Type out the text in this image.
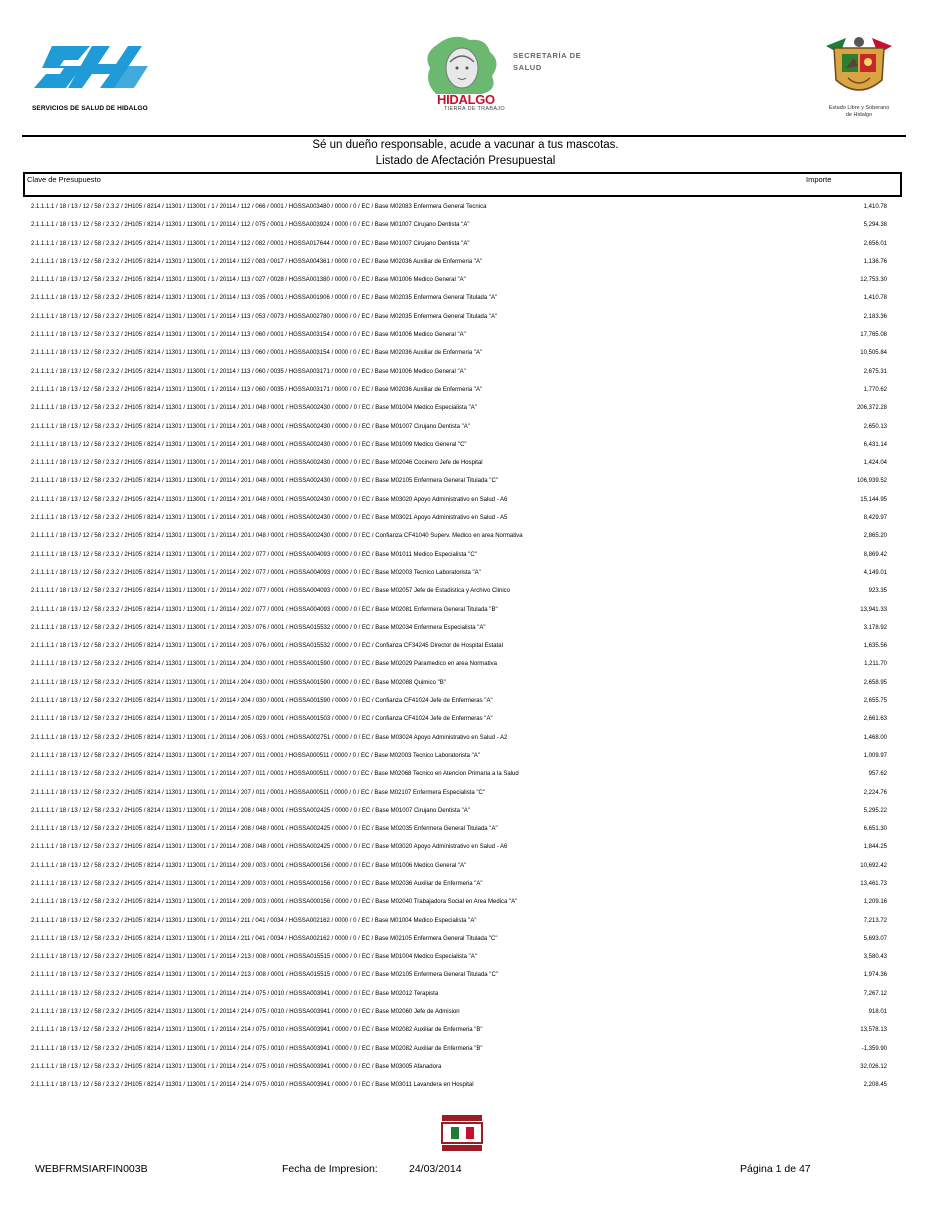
SERVICIOS DE SALUD DE HIDALGO
SECRETARÍA DE
SALUD
HIDALGO
TIERRA DE TRABAJO	Estado Libre y Soberano
de Hidalgo
Sé un dueño responsable, acude a vacunar a tus mascotas.
Listado de Afectación Presupuestal
Clave de Presupuesto	Importe
2.1.1.1.1 / 18 / 13 / 12 / 58 / 2.3.2 / 2H105 / 8214 / 11301 / 113001 / 1 / 20114 / 112 / 066 / 0001 / HGSSA003480 / 0000 / 0 / EC / Base M02083 Enfermera General Tecnica	1,410.78
2.1.1.1.1 / 18 / 13 / 12 / 58 / 2.3.2 / 2H105 / 8214 / 11301 / 113001 / 1 / 20114 / 112 / 075 / 0001 / HGSSA003924 / 0000 / 0 / EC / Base M01007 Cirujano Dentista "A"	5,294.38
2.1.1.1.1 / 18 / 13 / 12 / 58 / 2.3.2 / 2H105 / 8214 / 11301 / 113001 / 1 / 20114 / 112 / 082 / 0001 / HGSSA017644 / 0000 / 0 / EC / Base M01007 Cirujano Dentista "A"	2,656.01
2.1.1.1.1 / 18 / 13 / 12 / 58 / 2.3.2 / 2H105 / 8214 / 11301 / 113001 / 1 / 20114 / 112 / 083 / 0017 / HGSSA004361 / 0000 / 0 / EC / Base M02036 Auxiliar de Enfermeria "A"	1,136.76
2.1.1.1.1 / 18 / 13 / 12 / 58 / 2.3.2 / 2H105 / 8214 / 11301 / 113001 / 1 / 20114 / 113 / 027 / 0028 / HGSSA001380 / 0000 / 0 / EC / Base M01006 Medico General "A"	12,753.30
2.1.1.1.1 / 18 / 13 / 12 / 58 / 2.3.2 / 2H105 / 8214 / 11301 / 113001 / 1 / 20114 / 113 / 035 / 0001 / HGSSA001906 / 0000 / 0 / EC / Base M02035 Enfermera General Titulada "A"	1,410.78
2.1.1.1.1 / 18 / 13 / 12 / 58 / 2.3.2 / 2H105 / 8214 / 11301 / 113001 / 1 / 20114 / 113 / 053 / 0073 / HGSSA002780 / 0000 / 0 / EC / Base M02035 Enfermera General Titulada "A"	2,183.36
2.1.1.1.1 / 18 / 13 / 12 / 58 / 2.3.2 / 2H105 / 8214 / 11301 / 113001 / 1 / 20114 / 113 / 060 / 0001 / HGSSA003154 / 0000 / 0 / EC / Base M01006 Medico General "A"	17,765.08
2.1.1.1.1 / 18 / 13 / 12 / 58 / 2.3.2 / 2H105 / 8214 / 11301 / 113001 / 1 / 20114 / 113 / 060 / 0001 / HGSSA003154 / 0000 / 0 / EC / Base M02036 Auxiliar de Enfermeria "A"	10,505.84
2.1.1.1.1 / 18 / 13 / 12 / 58 / 2.3.2 / 2H105 / 8214 / 11301 / 113001 / 1 / 20114 / 113 / 060 / 0035 / HGSSA003171 / 0000 / 0 / EC / Base M01006 Medico General "A"	2,675.31
2.1.1.1.1 / 18 / 13 / 12 / 58 / 2.3.2 / 2H105 / 8214 / 11301 / 113001 / 1 / 20114 / 113 / 060 / 0035 / HGSSA003171 / 0000 / 0 / EC / Base M02036 Auxiliar de Enfermeria "A"	1,770.62
2.1.1.1.1 / 18 / 13 / 12 / 58 / 2.3.2 / 2H105 / 8214 / 11301 / 113001 / 1 / 20114 / 201 / 048 / 0001 / HGSSA002430 / 0000 / 0 / EC / Base M01004 Medico Especialista "A"	206,372.28
2.1.1.1.1 / 18 / 13 / 12 / 58 / 2.3.2 / 2H105 / 8214 / 11301 / 113001 / 1 / 20114 / 201 / 048 / 0001 / HGSSA002430 / 0000 / 0 / EC / Base M01007 Cirujano Dentista "A"	2,650.13
2.1.1.1.1 / 18 / 13 / 12 / 58 / 2.3.2 / 2H105 / 8214 / 11301 / 113001 / 1 / 20114 / 201 / 048 / 0001 / HGSSA002430 / 0000 / 0 / EC / Base M01009 Medico General "C"	6,431.14
2.1.1.1.1 / 18 / 13 / 12 / 58 / 2.3.2 / 2H105 / 8214 / 11301 / 113001 / 1 / 20114 / 201 / 048 / 0001 / HGSSA002430 / 0000 / 0 / EC / Base M02046 Cocinero Jefe de Hospital	1,424.04
2.1.1.1.1 / 18 / 13 / 12 / 58 / 2.3.2 / 2H105 / 8214 / 11301 / 113001 / 1 / 20114 / 201 / 048 / 0001 / HGSSA002430 / 0000 / 0 / EC / Base M02105 Enfermera General Titulada "C"	106,939.52
2.1.1.1.1 / 18 / 13 / 12 / 58 / 2.3.2 / 2H105 / 8214 / 11301 / 113001 / 1 / 20114 / 201 / 048 / 0001 / HGSSA002430 / 0000 / 0 / EC / Base M03020 Apoyo Administrativo en Salud - A6	15,144.95
2.1.1.1.1 / 18 / 13 / 12 / 58 / 2.3.2 / 2H105 / 8214 / 11301 / 113001 / 1 / 20114 / 201 / 048 / 0001 / HGSSA002430 / 0000 / 0 / EC / Base M03021 Apoyo Administrativo en Salud - A5	8,429.97
2.1.1.1.1 / 18 / 13 / 12 / 58 / 2.3.2 / 2H105 / 8214 / 11301 / 113001 / 1 / 20114 / 201 / 048 / 0001 / HGSSA002430 / 0000 / 0 / EC / Confianza CF41040 Superv. Medico en area Normativa	2,865.20
2.1.1.1.1 / 18 / 13 / 12 / 58 / 2.3.2 / 2H105 / 8214 / 11301 / 113001 / 1 / 20114 / 202 / 077 / 0001 / HGSSA004093 / 0000 / 0 / EC / Base M01011 Medico Especialista "C"	8,869.42
2.1.1.1.1 / 18 / 13 / 12 / 58 / 2.3.2 / 2H105 / 8214 / 11301 / 113001 / 1 / 20114 / 202 / 077 / 0001 / HGSSA004093 / 0000 / 0 / EC / Base M02003 Tecnico Laboratorista "A"	4,149.01
2.1.1.1.1 / 18 / 13 / 12 / 58 / 2.3.2 / 2H105 / 8214 / 11301 / 113001 / 1 / 20114 / 202 / 077 / 0001 / HGSSA004093 / 0000 / 0 / EC / Base M02057 Jefe de Estadistica y Archivo Clinico	923.35
2.1.1.1.1 / 18 / 13 / 12 / 58 / 2.3.2 / 2H105 / 8214 / 11301 / 113001 / 1 / 20114 / 202 / 077 / 0001 / HGSSA004093 / 0000 / 0 / EC / Base M02081 Enfermera General Titulada "B"	13,941.33
2.1.1.1.1 / 18 / 13 / 12 / 58 / 2.3.2 / 2H105 / 8214 / 11301 / 113001 / 1 / 20114 / 203 / 076 / 0001 / HGSSA015532 / 0000 / 0 / EC / Base M02034 Enfermera Especialista "A"	3,178.92
2.1.1.1.1 / 18 / 13 / 12 / 58 / 2.3.2 / 2H105 / 8214 / 11301 / 113001 / 1 / 20114 / 203 / 076 / 0001 / HGSSA015532 / 0000 / 0 / EC / Confianza CF34245 Director de Hospital Estatal	1,635.56
2.1.1.1.1 / 18 / 13 / 12 / 58 / 2.3.2 / 2H105 / 8214 / 11301 / 113001 / 1 / 20114 / 204 / 030 / 0001 / HGSSA001590 / 0000 / 0 / EC / Base M02029 Paramedico en area Normativa	1,211.70
2.1.1.1.1 / 18 / 13 / 12 / 58 / 2.3.2 / 2H105 / 8214 / 11301 / 113001 / 1 / 20114 / 204 / 030 / 0001 / HGSSA001590 / 0000 / 0 / EC / Base M02088 Quimico "B"	2,658.95
2.1.1.1.1 / 18 / 13 / 12 / 58 / 2.3.2 / 2H105 / 8214 / 11301 / 113001 / 1 / 20114 / 204 / 030 / 0001 / HGSSA001590 / 0000 / 0 / EC / Confianza CF41024 Jefe de Enfermeras "A"	2,655.75
2.1.1.1.1 / 18 / 13 / 12 / 58 / 2.3.2 / 2H105 / 8214 / 11301 / 113001 / 1 / 20114 / 205 / 029 / 0001 / HGSSA001503 / 0000 / 0 / EC / Confianza CF41024 Jefe de Enfermeras "A"	2,661.63
2.1.1.1.1 / 18 / 13 / 12 / 58 / 2.3.2 / 2H105 / 8214 / 11301 / 113001 / 1 / 20114 / 206 / 053 / 0001 / HGSSA002751 / 0000 / 0 / EC / Base M03024 Apoyo Administrativo en Salud - A2	1,468.00
2.1.1.1.1 / 18 / 13 / 12 / 58 / 2.3.2 / 2H105 / 8214 / 11301 / 113001 / 1 / 20114 / 207 / 011 / 0001 / HGSSA000511 / 0000 / 0 / EC / Base M02003 Tecnico Laboratorista "A"	1,009.97
2.1.1.1.1 / 18 / 13 / 12 / 58 / 2.3.2 / 2H105 / 8214 / 11301 / 113001 / 1 / 20114 / 207 / 011 / 0001 / HGSSA000511 / 0000 / 0 / EC / Base M02068 Tecnico en Atencion Primaria a la Salud	957.62
2.1.1.1.1 / 18 / 13 / 12 / 58 / 2.3.2 / 2H105 / 8214 / 11301 / 113001 / 1 / 20114 / 207 / 011 / 0001 / HGSSA000511 / 0000 / 0 / EC / Base M02107 Enfermera Especialista "C"	2,224.76
2.1.1.1.1 / 18 / 13 / 12 / 58 / 2.3.2 / 2H105 / 8214 / 11301 / 113001 / 1 / 20114 / 208 / 048 / 0001 / HGSSA002425 / 0000 / 0 / EC / Base M01007 Cirujano Dentista "A"	5,295.22
2.1.1.1.1 / 18 / 13 / 12 / 58 / 2.3.2 / 2H105 / 8214 / 11301 / 113001 / 1 / 20114 / 208 / 048 / 0001 / HGSSA002425 / 0000 / 0 / EC / Base M02035 Enfermera General Titulada "A"	6,651.30
2.1.1.1.1 / 18 / 13 / 12 / 58 / 2.3.2 / 2H105 / 8214 / 11301 / 113001 / 1 / 20114 / 208 / 048 / 0001 / HGSSA002425 / 0000 / 0 / EC / Base M03020 Apoyo Administrativo en Salud - A6	1,844.25
2.1.1.1.1 / 18 / 13 / 12 / 58 / 2.3.2 / 2H105 / 8214 / 11301 / 113001 / 1 / 20114 / 209 / 003 / 0001 / HGSSA000156 / 0000 / 0 / EC / Base M01006 Medico General "A"	10,692.42
2.1.1.1.1 / 18 / 13 / 12 / 58 / 2.3.2 / 2H105 / 8214 / 11301 / 113001 / 1 / 20114 / 209 / 003 / 0001 / HGSSA000156 / 0000 / 0 / EC / Base M02036 Auxiliar de Enfermeria "A"	13,461.73
2.1.1.1.1 / 18 / 13 / 12 / 58 / 2.3.2 / 2H105 / 8214 / 11301 / 113001 / 1 / 20114 / 209 / 003 / 0001 / HGSSA000156 / 0000 / 0 / EC / Base M02040 Trabajadora Social en Area Medica "A"	1,209.16
2.1.1.1.1 / 18 / 13 / 12 / 58 / 2.3.2 / 2H105 / 8214 / 11301 / 113001 / 1 / 20114 / 211 / 041 / 0034 / HGSSA002162 / 0000 / 0 / EC / Base M01004 Medico Especialista "A"	7,213.72
2.1.1.1.1 / 18 / 13 / 12 / 58 / 2.3.2 / 2H105 / 8214 / 11301 / 113001 / 1 / 20114 / 211 / 041 / 0034 / HGSSA002162 / 0000 / 0 / EC / Base M02105 Enfermera General Titulada "C"	5,693.07
2.1.1.1.1 / 18 / 13 / 12 / 58 / 2.3.2 / 2H105 / 8214 / 11301 / 113001 / 1 / 20114 / 213 / 008 / 0001 / HGSSA015515 / 0000 / 0 / EC / Base M01004 Medico Especialista "A"	3,580.43
2.1.1.1.1 / 18 / 13 / 12 / 58 / 2.3.2 / 2H105 / 8214 / 11301 / 113001 / 1 / 20114 / 213 / 008 / 0001 / HGSSA015515 / 0000 / 0 / EC / Base M02105 Enfermera General Titulada "C"	1,974.36
2.1.1.1.1 / 18 / 13 / 12 / 58 / 2.3.2 / 2H105 / 8214 / 11301 / 113001 / 1 / 20114 / 214 / 075 / 0010 / HGSSA003941 / 0000 / 0 / EC / Base M02012 Terapista	7,267.12
2.1.1.1.1 / 18 / 13 / 12 / 58 / 2.3.2 / 2H105 / 8214 / 11301 / 113001 / 1 / 20114 / 214 / 075 / 0010 / HGSSA003941 / 0000 / 0 / EC / Base M02060 Jefe de Admision	918.01
2.1.1.1.1 / 18 / 13 / 12 / 58 / 2.3.2 / 2H105 / 8214 / 11301 / 113001 / 1 / 20114 / 214 / 075 / 0010 / HGSSA003941 / 0000 / 0 / EC / Base M02082 Auxiliar de Enfermeria "B"	13,578.13
2.1.1.1.1 / 18 / 13 / 12 / 58 / 2.3.2 / 2H105 / 8214 / 11301 / 113001 / 1 / 20114 / 214 / 075 / 0010 / HGSSA003941 / 0000 / 0 / EC / Base M02082 Auxiliar de Enfermeria "B"	-1,359.90
2.1.1.1.1 / 18 / 13 / 12 / 58 / 2.3.2 / 2H105 / 8214 / 11301 / 113001 / 1 / 20114 / 214 / 075 / 0010 / HGSSA003941 / 0000 / 0 / EC / Base M03005 Afanadora	32,026.12
2.1.1.1.1 / 18 / 13 / 12 / 58 / 2.3.2 / 2H105 / 8214 / 11301 / 113001 / 1 / 20114 / 214 / 075 / 0010 / HGSSA003941 / 0000 / 0 / EC / Base M03011 Lavandera en Hospital	2,208.45
WEBFRMSIARFIN003B	Fecha de Impresion:	24/03/2014	Página 1 de 47
